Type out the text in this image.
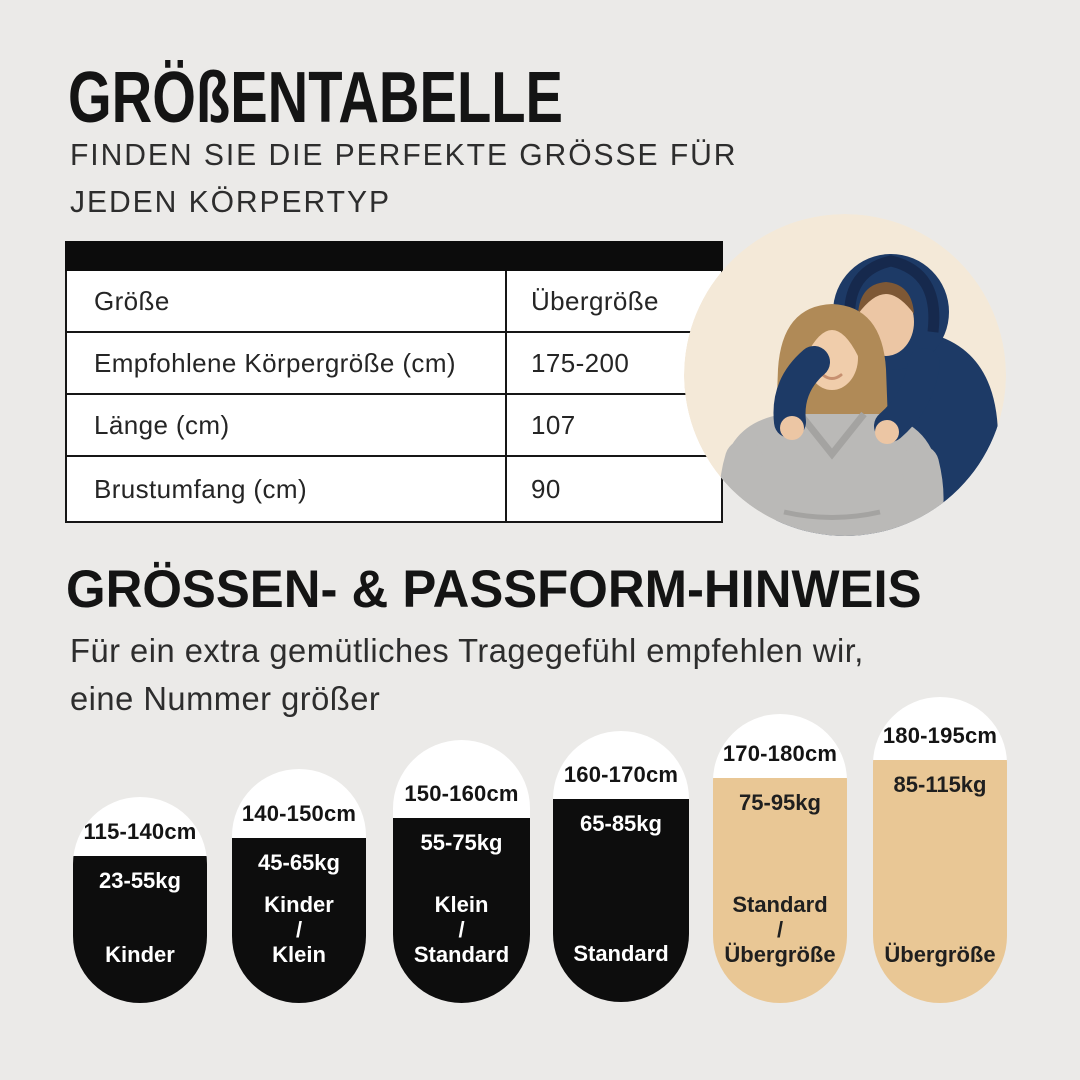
GRÖßENTABELLE
FINDEN SIE DIE PERFEKTE GRÖSSE FÜR
JEDEN KÖRPERTYP
Größe	Übergröße
Empfohlene Körpergröße (cm)	175-200
Länge (cm)	107
Brustumfang (cm)	90
GRÖSSEN- & PASSFORM-HINWEIS
Für ein extra gemütliches Tragegefühl empfehlen wir,
eine Nummer größer
115-140cm
23-55kg
Kinder
140-150cm
45-65kg
Kinder
/
Klein
150-160cm
55-75kg
Klein
/
Standard
160-170cm
65-85kg
Standard
170-180cm
75-95kg
Standard
/
Übergröße
180-195cm
85-115kg
Übergröße
